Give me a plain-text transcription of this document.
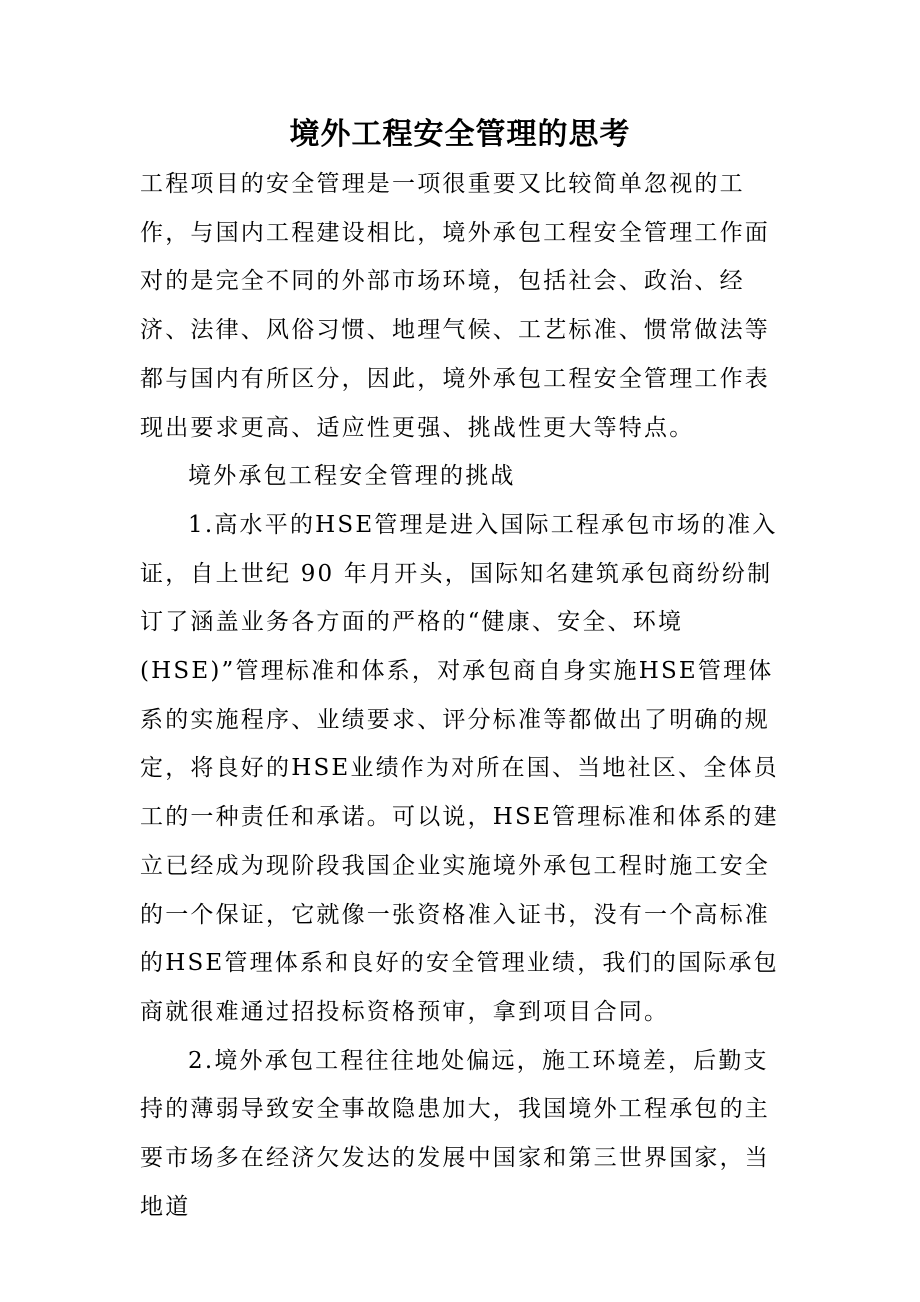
境外工程安全管理的思考

工程项目的安全管理是一项很重要又比较简单忽视的工作，与国内工程建设相比，境外承包工程安全管理工作面对的是完全不同的外部市场环境，包括社会、政治、经济、法律、风俗习惯、地理气候、工艺标准、惯常做法等都与国内有所区分，因此，境外承包工程安全管理工作表现出要求更高、适应性更强、挑战性更大等特点。

境外承包工程安全管理的挑战

1.高水平的HSE管理是进入国际工程承包市场的准入证，自上世纪 90 年月开头，国际知名建筑承包商纷纷制订了涵盖业务各方面的严格的“健康、安全、环境(HSE)”管理标准和体系，对承包商自身实施HSE管理体系的实施程序、业绩要求、评分标准等都做出了明确的规定，将良好的HSE业绩作为对所在国、当地社区、全体员工的一种责任和承诺。可以说，HSE管理标准和体系的建立已经成为现阶段我国企业实施境外承包工程时施工安全的一个保证，它就像一张资格准入证书，没有一个高标准的HSE管理体系和良好的安全管理业绩，我们的国际承包商就很难通过招投标资格预审，拿到项目合同。

2.境外承包工程往往地处偏远，施工环境差，后勤支持的薄弱导致安全事故隐患加大，我国境外工程承包的主要市场多在经济欠发达的发展中国家和第三世界国家，当地道
